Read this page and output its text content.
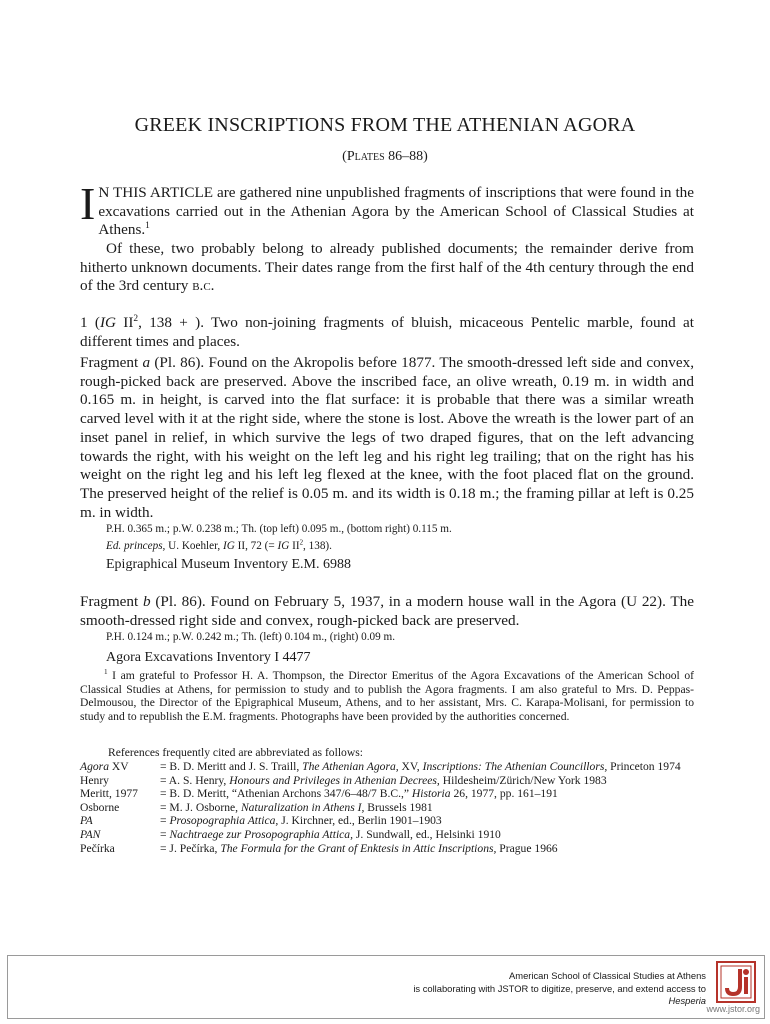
GREEK INSCRIPTIONS FROM THE ATHENIAN AGORA

(Plates 86–88)

I N THIS ARTICLE are gathered nine unpublished fragments of inscriptions that were found in the excavations carried out in the Athenian Agora by the American School of Classical Studies at Athens.$^1$

Of these, two probably belong to already published documents; the remainder derive from hitherto unknown documents. Their dates range from the first half of the 4th century through the end of the 3rd century b.c.

1 (IG $II^2$, 138 + ). Two non-joining fragments of bluish, micaceous Pentelic marble, found at different times and places.

Fragment a (Pl. 86). Found on the Akropolis before 1877. The smooth-dressed left side and convex, rough-picked back are preserved. Above the inscribed face, an olive wreath, 0.19 m. in width and 0.165 m. in height, is carved into the flat surface: it is probable that there was a similar wreath carved level with it at the right side, where the stone is lost. Above the wreath is the lower part of an inset panel in relief, in which survive the legs of two draped figures, that on the left advancing towards the right, with his weight on the left leg and his right leg trailing; that on the right has his weight on the right leg and his left leg flexed at the knee, with the foot placed flat on the ground. The preserved height of the relief is 0.05 m. and its width is 0.18 m.; the framing pillar at left is 0.25 m. in width.

P.H. 0.365 m.; p.W. 0.238 m.; Th. (top left) 0.095 m., (bottom right) 0.115 m.

Ed. princeps, U. Koehler, IG II, 72 (= IG $II^2$, 138).

Epigraphical Museum Inventory E.M. 6988

Fragment b (Pl. 86). Found on February 5, 1937, in a modern house wall in the Agora (U 22). The smooth-dressed right side and convex, rough-picked back are preserved.

P.H. 0.124 m.; p.W. 0.242 m.; Th. (left) 0.104 m., (right) 0.09 m.

Agora Excavations Inventory I 4477

$^1$ I am grateful to Professor H. A. Thompson, the Director Emeritus of the Agora Excavations of the American School of Classical Studies at Athens, for permission to study and to publish the Agora fragments. I am also grateful to Mrs. D. Peppas-Delmousou, the Director of the Epigraphical Museum, Athens, and to her assistant, Mrs. C. Karapa-Molisani, for permission to study and to republish the E.M. fragments. Photographs have been provided by the authorities concerned.

References frequently cited are abbreviated as follows:

Agora XV	= B. D. Meritt and J. S. Traill, The Athenian Agora, XV, Inscriptions: The Athenian Councillors, Princeton 1974
Henry	= A. S. Henry, Honours and Privileges in Athenian Decrees, Hildesheim/Zürich/New York 1983
Meritt, 1977	= B. D. Meritt, “Athenian Archons 347/6–48/7 B.C.,” Historia 26, 1977, pp. 161–191
Osborne	= M. J. Osborne, Naturalization in Athens I, Brussels 1981
PA	= Prosopographia Attica, J. Kirchner, ed., Berlin 1901–1903
PAN	= Nachtraege zur Prosopographia Attica, J. Sundwall, ed., Helsinki 1910
Pečírka	= J. Pečírka, The Formula for the Grant of Enktesis in Attic Inscriptions, Prague 1966
American School of Classical Studies at Athens
is collaborating with JSTOR to digitize, preserve, and extend access to
Hesperia
www.jstor.org
